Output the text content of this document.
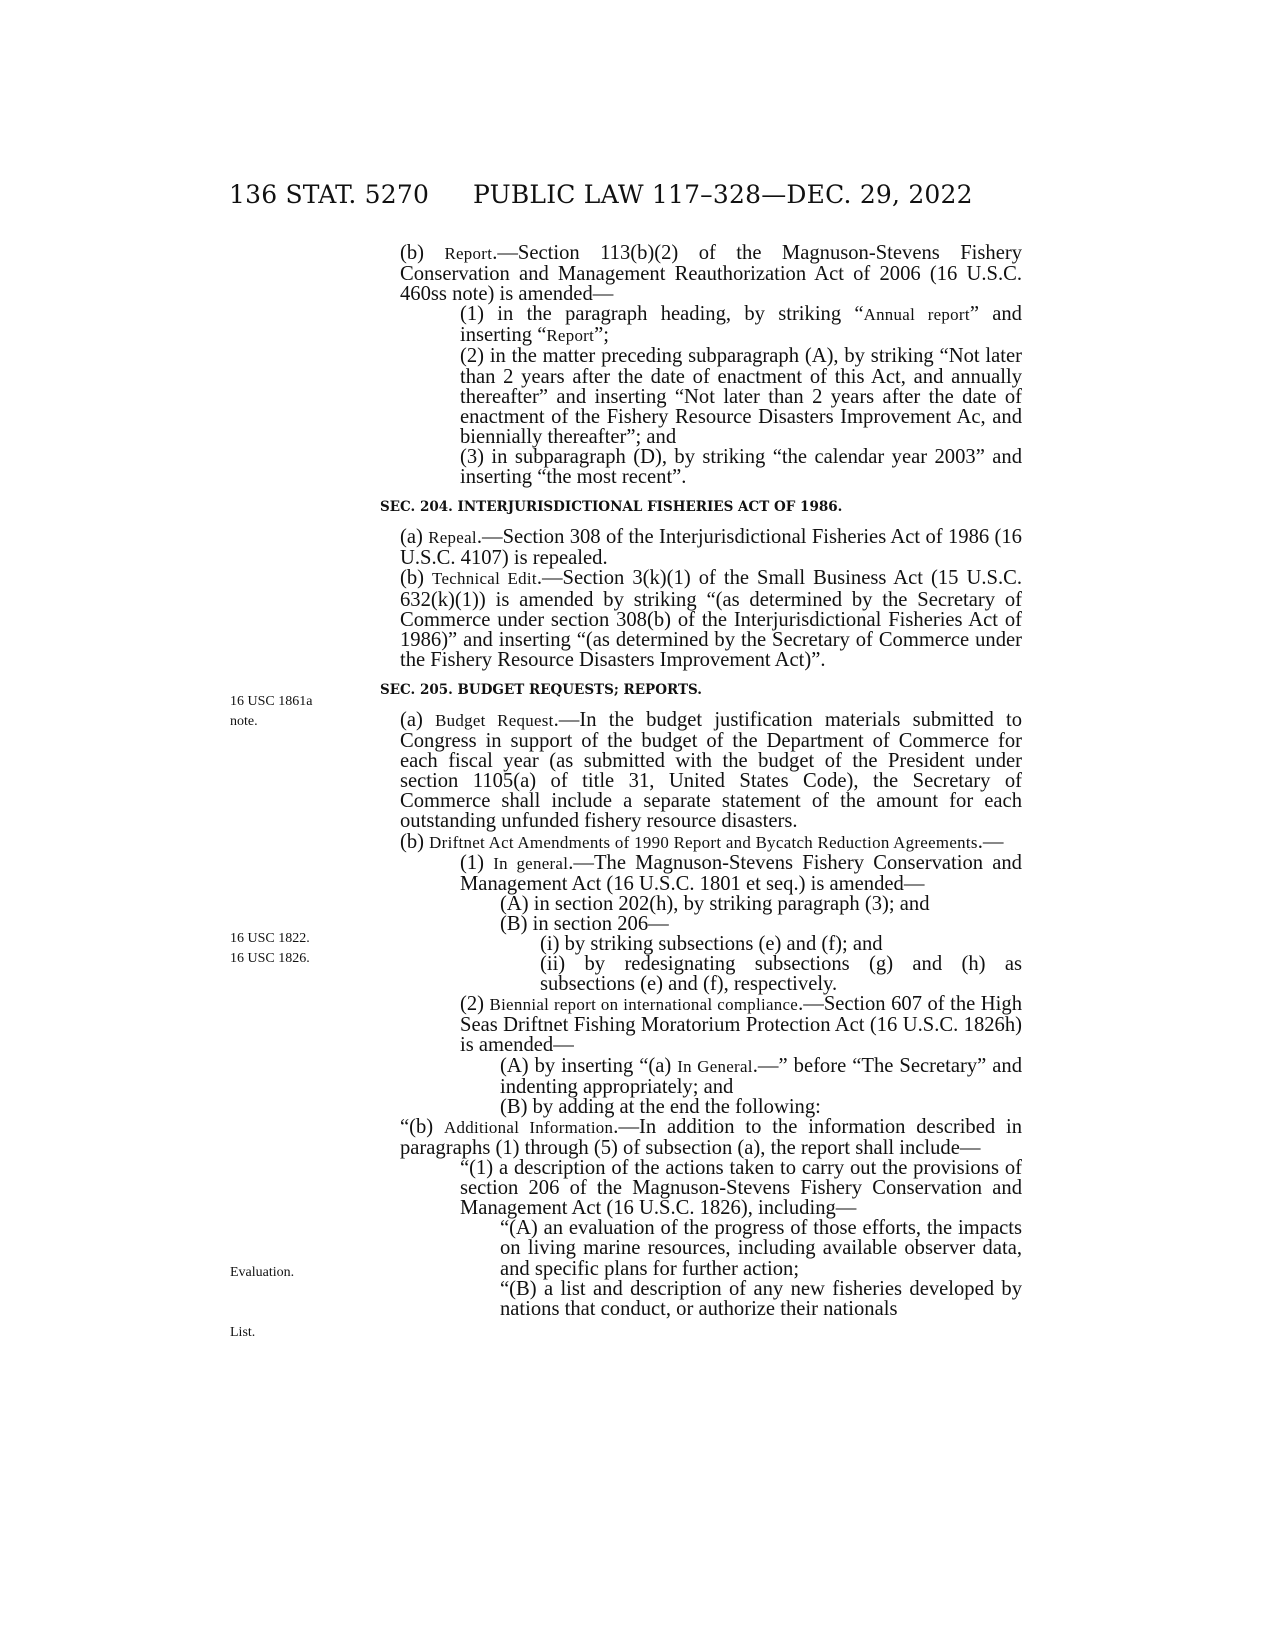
136 STAT. 5270 PUBLIC LAW 117–328—DEC. 29, 2022
16 USC 1861a
note.
16 USC 1822.
16 USC 1826.
Evaluation.
List.

(b) Report.—Section 113(b)(2) of the Magnuson-Stevens Fishery Conservation and Management Reauthorization Act of 2006 (16 U.S.C. 460ss note) is amended—

(1) in the paragraph heading, by striking “Annual report” and inserting “Report”;

(2) in the matter preceding subparagraph (A), by striking “Not later than 2 years after the date of enactment of this Act, and annually thereafter” and inserting “Not later than 2 years after the date of enactment of the Fishery Resource Disasters Improvement Ac, and biennially thereafter”; and

(3) in subparagraph (D), by striking “the calendar year 2003” and inserting “the most recent”.

SEC. 204. INTERJURISDICTIONAL FISHERIES ACT OF 1986.

(a) Repeal.—Section 308 of the Interjurisdictional Fisheries Act of 1986 (16 U.S.C. 4107) is repealed.

(b) Technical Edit.—Section 3(k)(1) of the Small Business Act (15 U.S.C. 632(k)(1)) is amended by striking “(as determined by the Secretary of Commerce under section 308(b) of the Interjurisdictional Fisheries Act of 1986)” and inserting “(as determined by the Secretary of Commerce under the Fishery Resource Disasters Improvement Act)”.

SEC. 205. BUDGET REQUESTS; REPORTS.

(a) Budget Request.—In the budget justification materials submitted to Congress in support of the budget of the Department of Commerce for each fiscal year (as submitted with the budget of the President under section 1105(a) of title 31, United States Code), the Secretary of Commerce shall include a separate statement of the amount for each outstanding unfunded fishery resource disasters.

(b) Driftnet Act Amendments of 1990 Report and Bycatch Reduction Agreements.—

(1) In general.—The Magnuson-Stevens Fishery Conservation and Management Act (16 U.S.C. 1801 et seq.) is amended—

(A) in section 202(h), by striking paragraph (3); and

(B) in section 206—

(i) by striking subsections (e) and (f); and

(ii) by redesignating subsections (g) and (h) as subsections (e) and (f), respectively.

(2) Biennial report on international compliance.—Section 607 of the High Seas Driftnet Fishing Moratorium Protection Act (16 U.S.C. 1826h) is amended—

(A) by inserting “(a) In General.—” before “The Secretary” and indenting appropriately; and

(B) by adding at the end the following:

“(b) Additional Information.—In addition to the information described in paragraphs (1) through (5) of subsection (a), the report shall include—

“(1) a description of the actions taken to carry out the provisions of section 206 of the Magnuson-Stevens Fishery Conservation and Management Act (16 U.S.C. 1826), including—

“(A) an evaluation of the progress of those efforts, the impacts on living marine resources, including available observer data, and specific plans for further action;

“(B) a list and description of any new fisheries developed by nations that conduct, or authorize their nationals
